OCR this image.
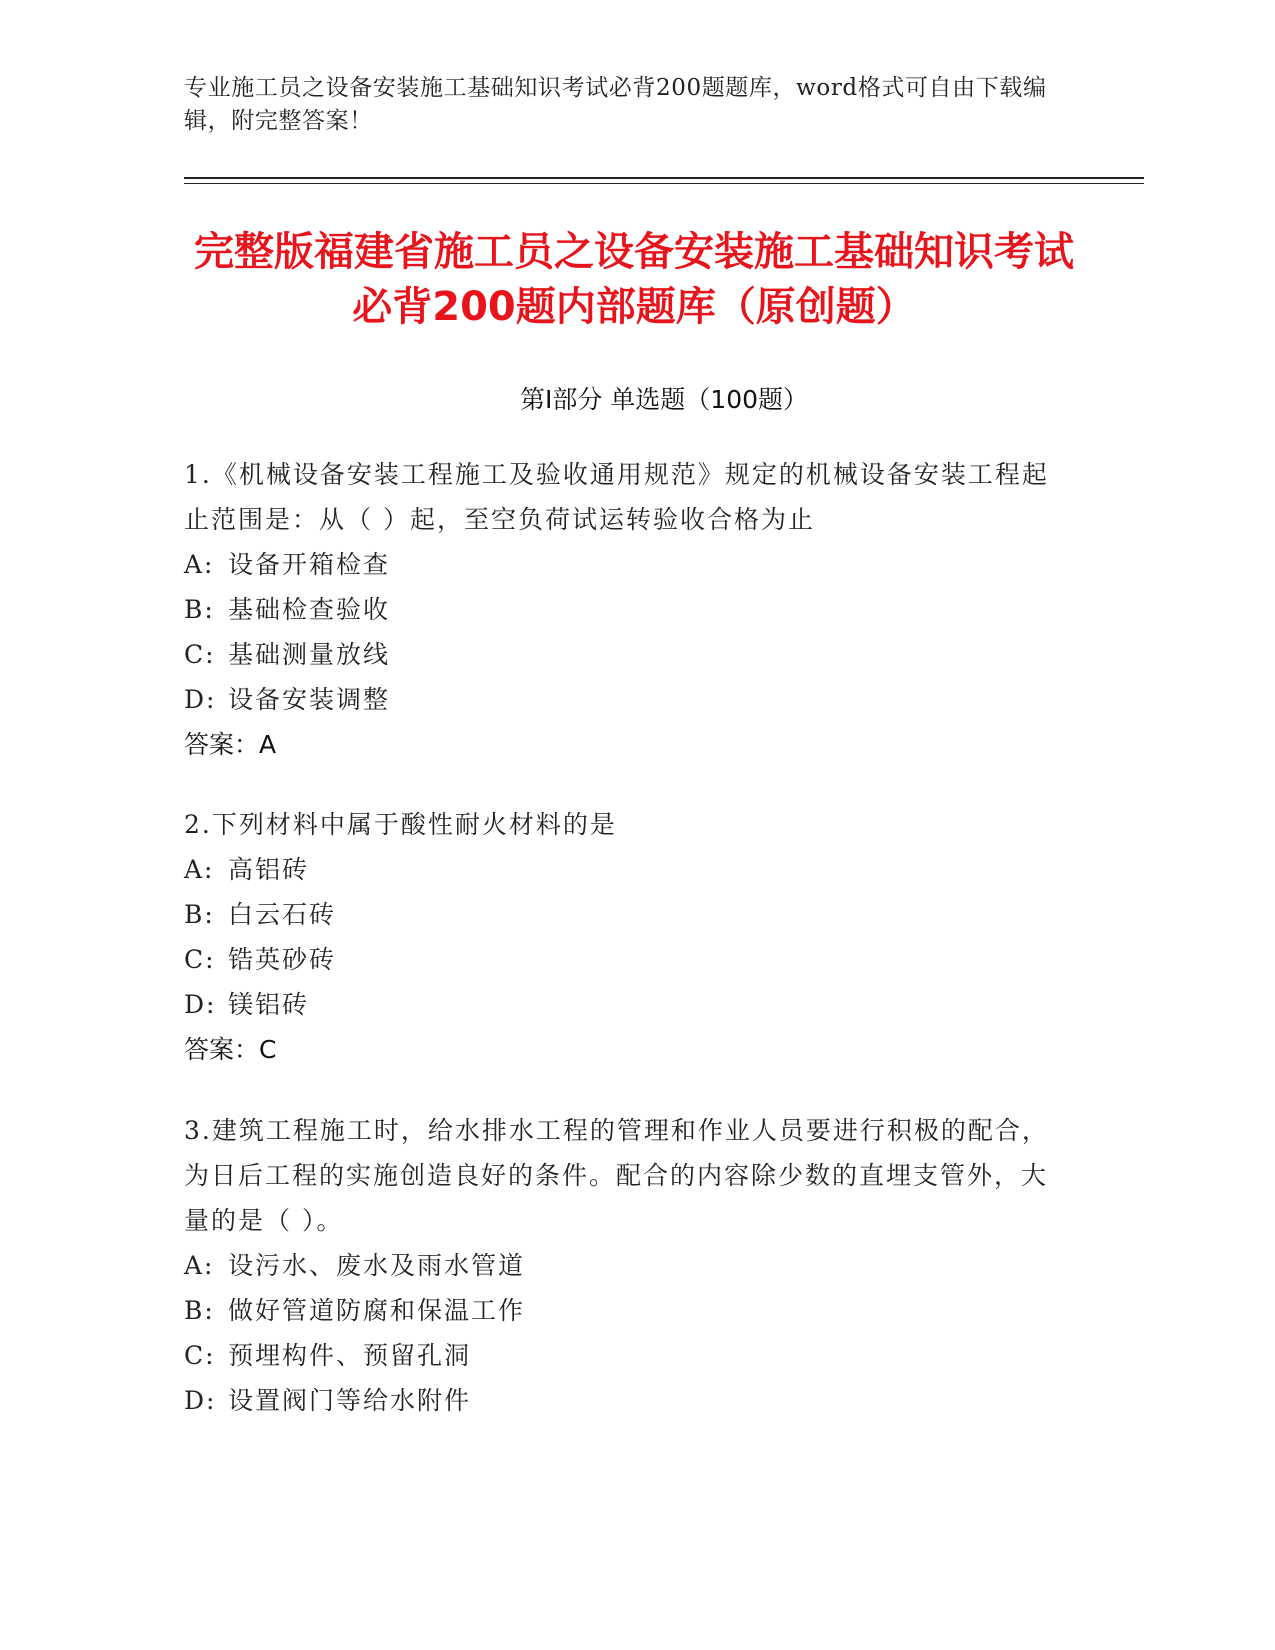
专业施工员之设备安装施工基础知识考试必背200题题库，word格式可自由下载编辑，附完整答案！
完整版福建省施工员之设备安装施工基础知识考试必背200题内部题库（原创题）
第Ⅰ部分 单选题（100题）
1.《机械设备安装工程施工及验收通用规范》规定的机械设备安装工程起止范围是：从（ ）起，至空负荷试运转验收合格为止
A: 设备开箱检查
B: 基础检查验收
C: 基础测量放线
D: 设备安装调整
答案：A
2.下列材料中属于酸性耐火材料的是
A: 高铝砖
B: 白云石砖
C: 锆英砂砖
D: 镁铝砖
答案：C
3.建筑工程施工时，给水排水工程的管理和作业人员要进行积极的配合，为日后工程的实施创造良好的条件。配合的内容除少数的直埋支管外，大量的是（ ）。
A: 设污水、废水及雨水管道
B: 做好管道防腐和保温工作
C: 预埋构件、预留孔洞
D: 设置阀门等给水附件
